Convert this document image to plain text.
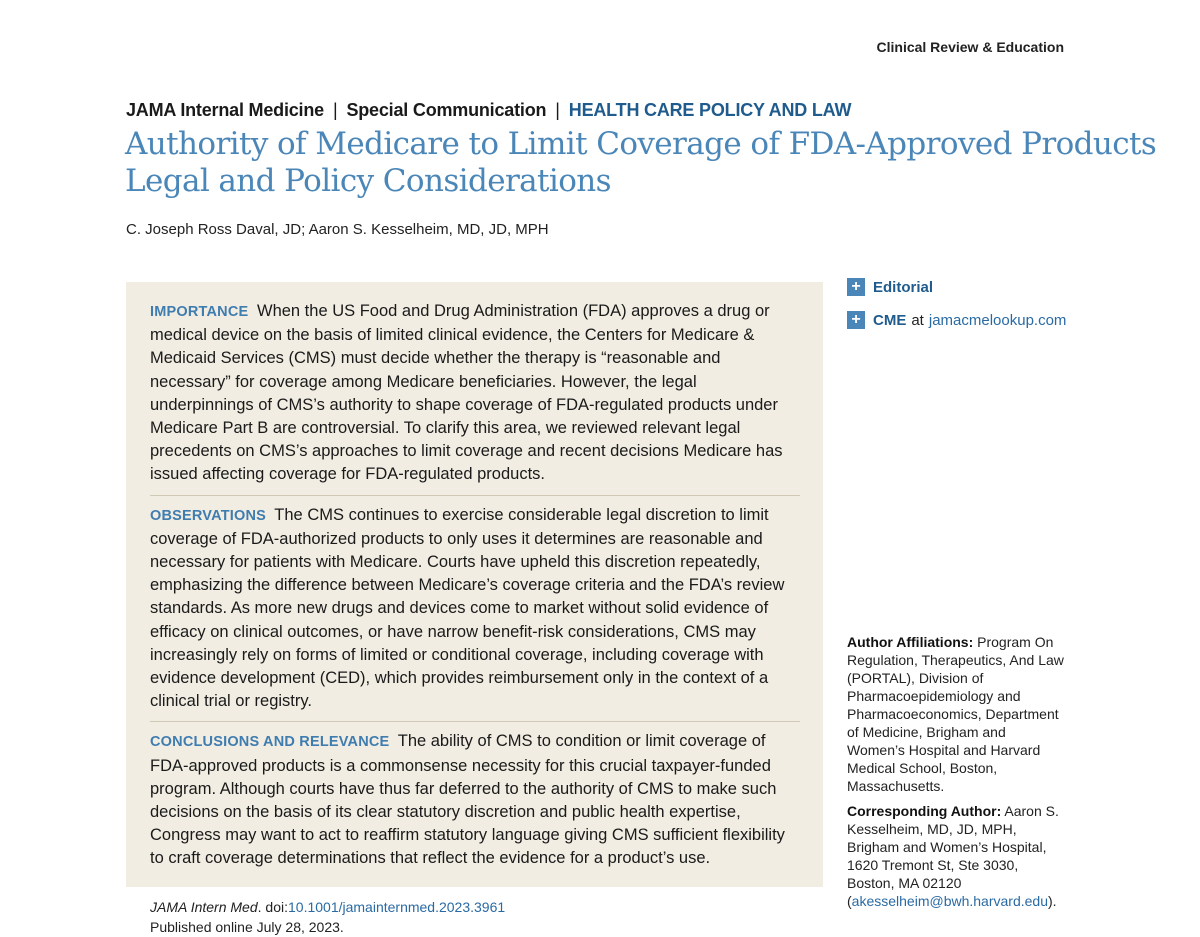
Clinical Review & Education
JAMA Internal Medicine | Special Communication | HEALTH CARE POLICY AND LAW
Authority of Medicare to Limit Coverage of FDA-Approved Products
Legal and Policy Considerations
C. Joseph Ross Daval, JD; Aaron S. Kesselheim, MD, JD, MPH

IMPORTANCE When the US Food and Drug Administration (FDA) approves a drug or medical device on the basis of limited clinical evidence, the Centers for Medicare & Medicaid Services (CMS) must decide whether the therapy is “reasonable and necessary” for coverage among Medicare beneficiaries. However, the legal underpinnings of CMS’s authority to shape coverage of FDA-regulated products under Medicare Part B are controversial. To clarify this area, we reviewed relevant legal precedents on CMS’s approaches to limit coverage and recent decisions Medicare has issued affecting coverage for FDA-regulated products.

OBSERVATIONS The CMS continues to exercise considerable legal discretion to limit coverage of FDA-authorized products to only uses it determines are reasonable and necessary for patients with Medicare. Courts have upheld this discretion repeatedly, emphasizing the difference between Medicare’s coverage criteria and the FDA’s review standards. As more new drugs and devices come to market without solid evidence of efficacy on clinical outcomes, or have narrow benefit-risk considerations, CMS may increasingly rely on forms of limited or conditional coverage, including coverage with evidence development (CED), which provides reimbursement only in the context of a clinical trial or registry.

CONCLUSIONS AND RELEVANCE The ability of CMS to condition or limit coverage of FDA-approved products is a commonsense necessity for this crucial taxpayer-funded program. Although courts have thus far deferred to the authority of CMS to make such decisions on the basis of its clear statutory discretion and public health expertise, Congress may want to act to reaffirm statutory language giving CMS sufficient flexibility to craft coverage determinations that reflect the evidence for a product’s use.

JAMA Intern Med. doi:10.1001/jamainternmed.2023.3961
Published online July 28, 2023.
+ Editorial
+ CME at jamacmelookup.com

Author Affiliations: Program On Regulation, Therapeutics, And Law (PORTAL), Division of Pharmacoepidemiology and Pharmacoeconomics, Department of Medicine, Brigham and Women’s Hospital and Harvard Medical School, Boston, Massachusetts.

Corresponding Author: Aaron S. Kesselheim, MD, JD, MPH, Brigham and Women’s Hospital, 1620 Tremont St, Ste 3030, Boston, MA 02120 (akesselheim@bwh.harvard.edu).
